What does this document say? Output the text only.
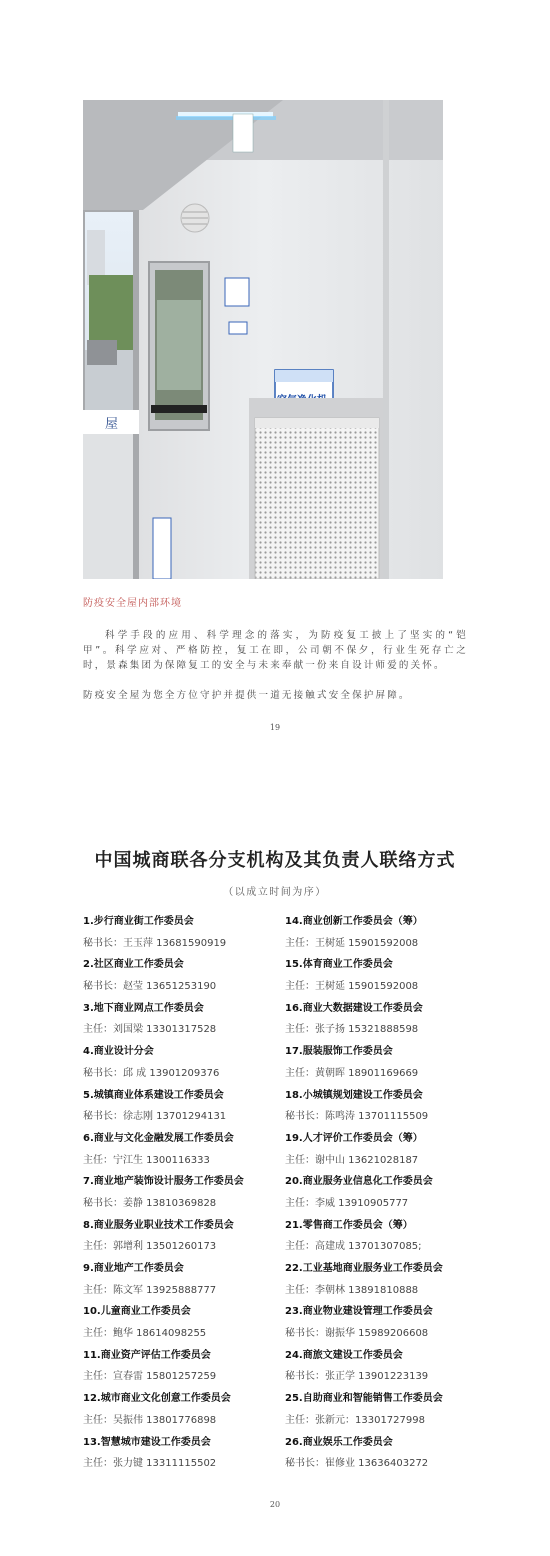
屋
防疫安全屋内部环境

科学手段的应用、科学理念的落实，为防疫复工披上了坚实的“铠甲”。科学应对、严格防控，复工在即，公司朝不保夕，行业生死存亡之时，景森集团为保障复工的安全与未来奉献一份来自设计师爱的关怀。

防疫安全屋为您全方位守护并提供一道无接触式安全保护屏障。

19
中国城商联各分支机构及其负责人联络方式
（以成立时间为序）
1.步行商业街工作委员会
秘书长：王玉萍 13681590919
2.社区商业工作委员会
秘书长：赵莹 13651253190
3.地下商业网点工作委员会
主任：刘国梁 13301317528
4.商业设计分会
秘书长：邱 成 13901209376
5.城镇商业体系建设工作委员会
秘书长：徐志刚 13701294131
6.商业与文化金融发展工作委员会
主任：宁江生 1300116333
7.商业地产装饰设计服务工作委员会
秘书长：姜静 13810369828
8.商业服务业职业技术工作委员会
主任：郭增利 13501260173
9.商业地产工作委员会
主任：陈文军 13925888777
10.儿童商业工作委员会
主任：鲍华 18614098255
11.商业资产评估工作委员会
主任：宣春雷 15801257259
12.城市商业文化创意工作委员会
主任：吴振伟 13801776898
13.智慧城市建设工作委员会
主任：张力键 13311115502
14.商业创新工作委员会（筹）
主任：王树延 15901592008
15.体育商业工作委员会
主任：王树延 15901592008
16.商业大数据建设工作委员会
主任：张子扬 15321888598
17.服装服饰工作委员会
主任：黄朝晖 18901169669
18.小城镇规划建设工作委员会
秘书长：陈鸣涛 13701115509
19.人才评价工作委员会（筹）
主任：谢中山 13621028187
20.商业服务业信息化工作委员会
主任：李威 13910905777
21.零售商工作委员会（筹）
主任：高建成 13701307085;
22.工业基地商业服务业工作委员会
主任：李朝林 13891810888
23.商业物业建设管理工作委员会
秘书长：谢振华 15989206608
24.商旅文建设工作委员会
秘书长：张正学 13901223139
25.自助商业和智能销售工作委员会
主任：张新元：13301727998
26.商业娱乐工作委员会
秘书长：崔修业 13636403272
20
